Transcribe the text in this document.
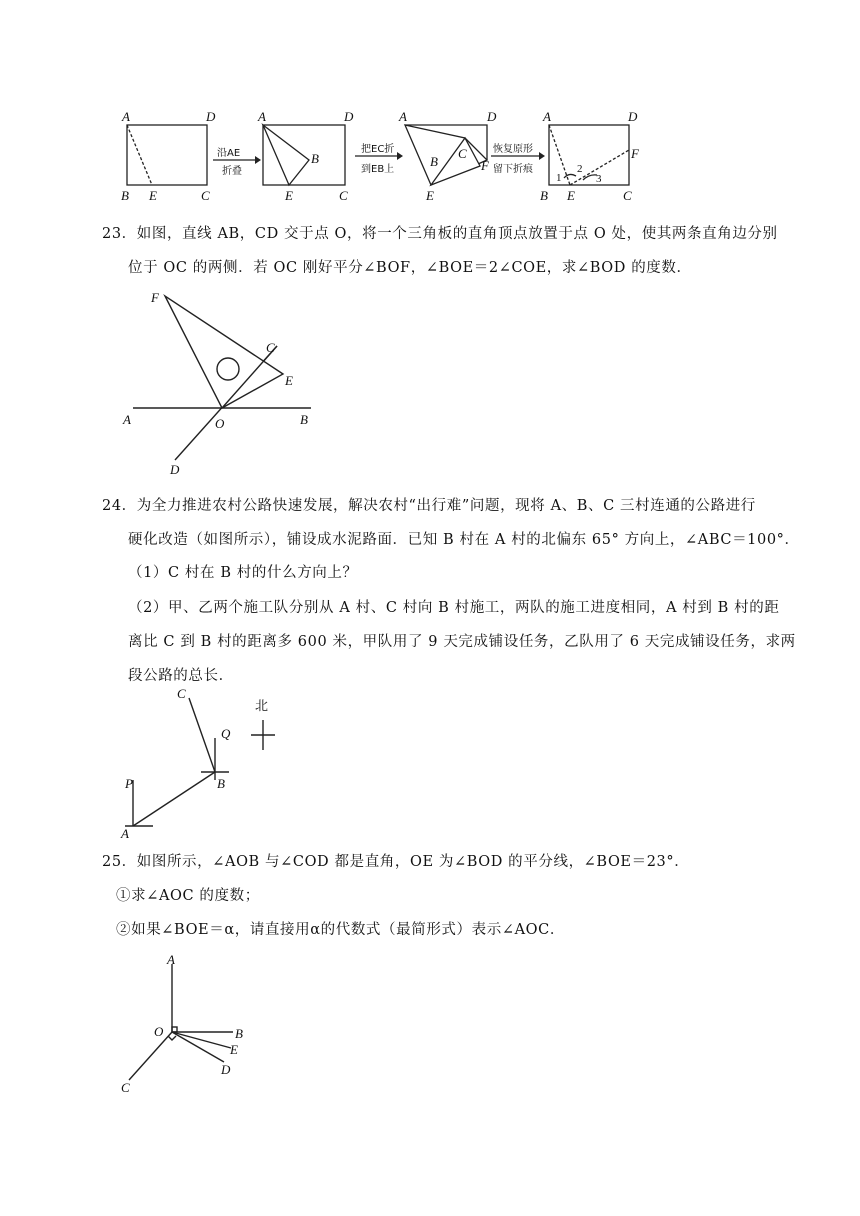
A	D
B E	C
A	D
B
E	C
A	D
B
C
E
F
A	D
F
B E	C
1
2
3
沿AE
折叠
把EC折
到EB上
恢复原形
留下折痕
23．如图，直线 AB，CD 交于点 O，将一个三角板的直角顶点放置于点 O 处，使其两条直角边分别
位于 OC 的两侧．若 OC 刚好平分∠BOF，∠BOE＝2∠COE，求∠BOD 的度数．
F
C
E
A	O	B
D
24．为全力推进农村公路快速发展，解决农村“出行难”问题，现将 A、B、C 三村连通的公路进行
硬化改造（如图所示），铺设成水泥路面．已知 B 村在 A 村的北偏东 65° 方向上，∠ABC＝100°．
（1）C 村在 B 村的什么方向上？
（2）甲、乙两个施工队分别从 A 村、C 村向 B 村施工，两队的施工进度相同，A 村到 B 村的距
离比 C 到 B 村的距离多 600 米，甲队用了 9 天完成铺设任务，乙队用了 6 天完成铺设任务，求两
段公路的总长．
C
Q
B
P
A
北
25．如图所示，∠AOB 与∠COD 都是直角，OE 为∠BOD 的平分线，∠BOE＝23°．
①求∠AOC 的度数；
②如果∠BOE＝α，请直接用α的代数式（最简形式）表示∠AOC．
A
O	B
E
D
C
